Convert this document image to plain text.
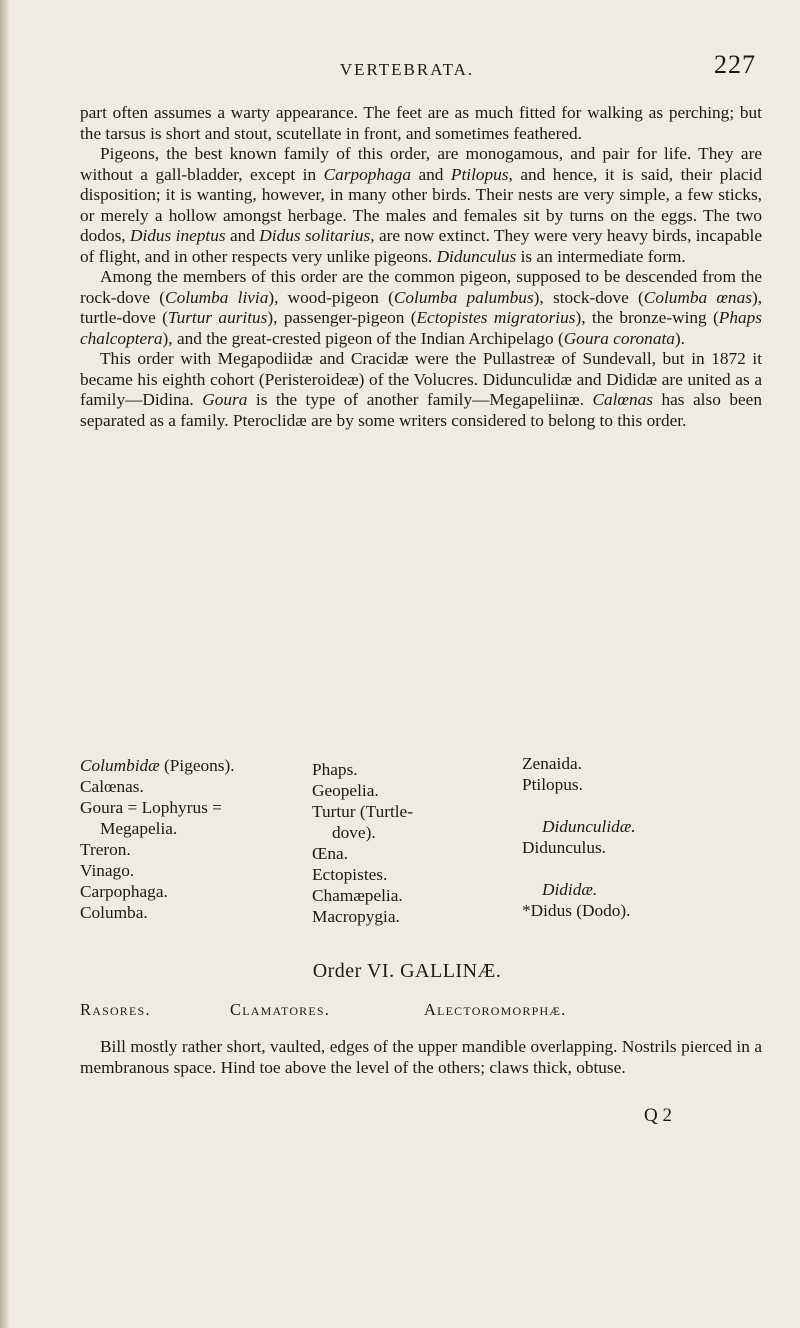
VERTEBRATA.	227

part often assumes a warty appearance. The feet are as much fitted for walking as perching; but the tarsus is short and stout, scutellate in front, and sometimes feathered.

Pigeons, the best known family of this order, are monogamous, and pair for life. They are without a gall-bladder, except in Carpophaga and Ptilopus, and hence, it is said, their placid disposition; it is wanting, however, in many other birds. Their nests are very simple, a few sticks, or merely a hollow amongst herbage. The males and females sit by turns on the eggs. The two dodos, Didus ineptus and Didus solitarius, are now extinct. They were very heavy birds, incapable of flight, and in other respects very unlike pigeons. Didunculus is an intermediate form.

Among the members of this order are the common pigeon, supposed to be descended from the rock-dove (Columba livia), wood-pigeon (Columba palumbus), stock-dove (Columba œnas), turtle-dove (Turtur auritus), passenger-pigeon (Ectopistes migratorius), the bronze-wing (Phaps chalcoptera), and the great-crested pigeon of the Indian Archipelago (Goura coronata).

This order with Megapodiidæ and Cracidæ were the Pullastreæ of Sundevall, but in 1872 it became his eighth cohort (Peristeroideæ) of the Volucres. Didunculidæ and Dididæ are united as a family—Didina. Goura is the type of another family—Megapeliinæ. Calœnas has also been separated as a family. Pteroclidæ are by some writers considered to belong to this order.

Columbidæ (Pigeons).
Calœnas.
Goura = Lophyrus =
Megapelia.
Treron.
Vinago.
Carpophaga.
Columba.
Phaps.
Geopelia.
Turtur (Turtle-
dove).
Œna.
Ectopistes.
Chamæpelia.
Macropygia.
Zenaida.
Ptilopus.
Didunculidæ.
Didunculus.
Dididæ.
*Didus (Dodo).
Order VI. GALLINÆ.
Rasores.	Clamatores.	Alectoromorphæ.

Bill mostly rather short, vaulted, edges of the upper mandible overlapping. Nostrils pierced in a membranous space. Hind toe above the level of the others; claws thick, obtuse.

Q 2
